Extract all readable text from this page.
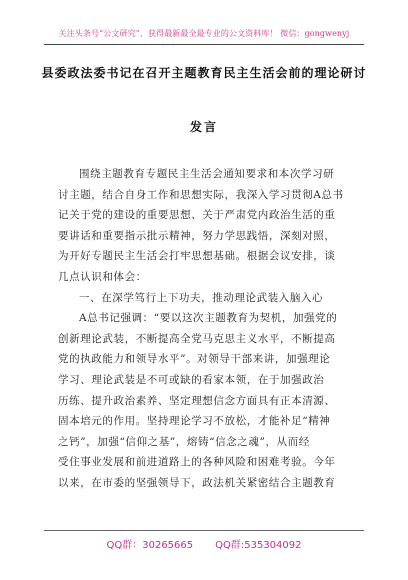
关注头条号“公文研究”，获得最新最全最专业的公文资料库！ 微信：gongwenyj
县委政法委书记在召开主题教育民主生活会前的理论研讨
发言
围绕主题教育专题民主生活会通知要求和本次学习研
讨主题，结合自身工作和思想实际，我深入学习贯彻A总书
记关于党的建设的重要思想、关于严肃党内政治生活的重
要讲话和重要指示批示精神，努力学思践悟，深刻对照，
为开好专题民主生活会打牢思想基础。根据会议安排，谈
几点认识和体会：
一、在深学笃行上下功夫，推动理论武装入脑入心
A总书记强调：“要以这次主题教育为契机，加强党的
创新理论武装，不断提高全党马克思主义水平，不断提高
党的执政能力和领导水平”。对领导干部来讲，加强理论
学习、理论武装是不可或缺的看家本领，在于加强政治
历练、提升政治素养、坚定理想信念方面具有正本清源、
固本培元的作用。坚持理论学习不放松，才能补足“精神
之钙”，加强“信仰之基”，熔铸“信念之魂”，从而经
受住事业发展和前进道路上的各种风险和困难考验。今年
以来，在市委的坚强领导下，政法机关紧密结合主题教育
QQ群：30265665 QQ群:535304092
